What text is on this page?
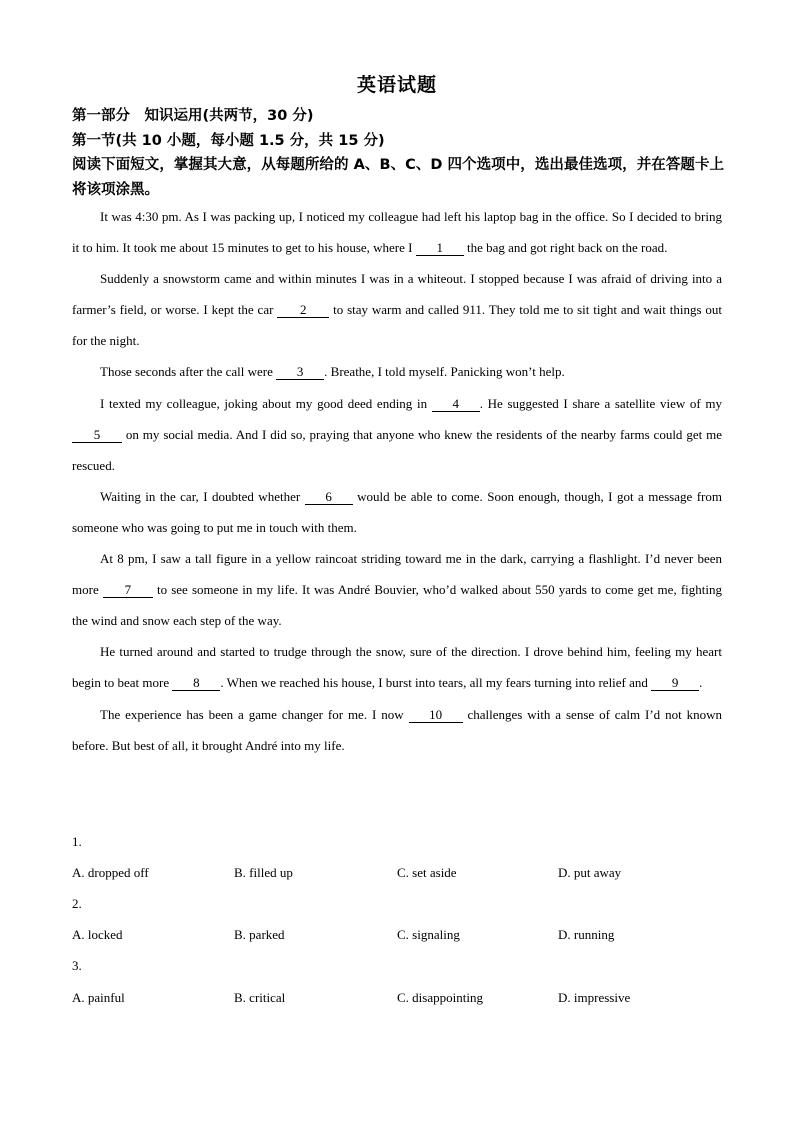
英语试题
第一部分　知识运用(共两节，30 分)
第一节(共 10 小题，每小题 1.5 分，共 15 分)
阅读下面短文，掌握其大意，从每题所给的 A、B、C、D 四个选项中，选出最佳选项，并在答题卡上将该项涂黑。

It was 4:30 pm. As I was packing up, I noticed my colleague had left his laptop bag in the office. So I decided to bring it to him. It took me about 15 minutes to get to his house, where I 1 the bag and got right back on the road.

Suddenly a snowstorm came and within minutes I was in a whiteout. I stopped because I was afraid of driving into a farmer’s field, or worse. I kept the car 2 to stay warm and called 911. They told me to sit tight and wait things out for the night.

Those seconds after the call were 3 . Breathe, I told myself. Panicking won’t help.

I texted my colleague, joking about my good deed ending in 4 . He suggested I share a satellite view of my 5 on my social media. And I did so, praying that anyone who knew the residents of the nearby farms could get me rescued.

Waiting in the car, I doubted whether 6 would be able to come. Soon enough, though, I got a message from someone who was going to put me in touch with them.

At 8 pm, I saw a tall figure in a yellow raincoat striding toward me in the dark, carrying a flashlight. I’d never been more 7 to see someone in my life. It was André Bouvier, who’d walked about 550 yards to come get me, fighting the wind and snow each step of the way.

He turned around and started to trudge through the snow, sure of the direction. I drove behind him, feeling my heart begin to beat more 8 . When we reached his house, I burst into tears, all my fears turning into relief and 9 .

The experience has been a game changer for me. I now 10 challenges with a sense of calm I’d not known before. But best of all, it brought André into my life.

1.
A. dropped off	B. filled up	C. set aside	D. put away
2.
A. locked	B. parked	C. signaling	D. running
3.
A. painful	B. critical	C. disappointing	D. impressive
